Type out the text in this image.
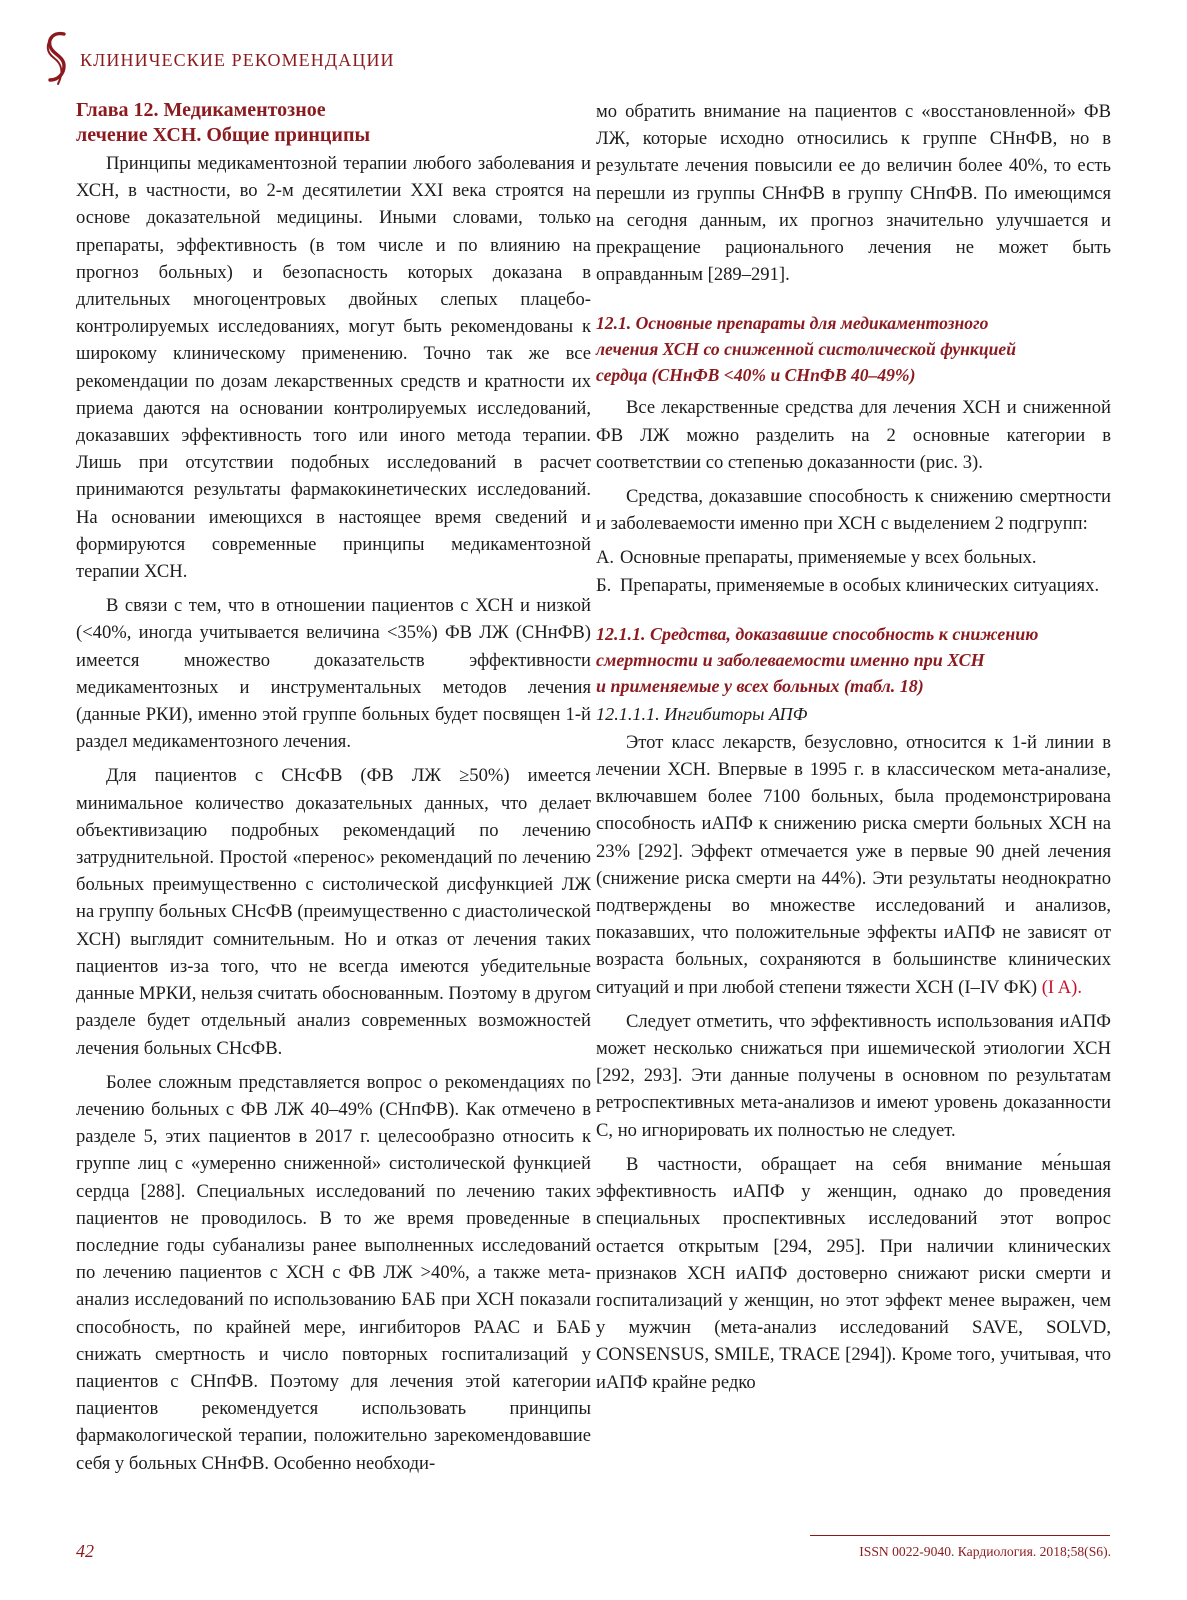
КЛИНИЧЕСКИЕ РЕКОМЕНДАЦИИ
Глава 12. Медикаментозное
лечение ХСН. Общие принципы

Принципы медикаментозной терапии любого заболевания и ХСН, в частности, во 2-м десятилетии XXI века строятся на основе доказательной медицины. Иными словами, только препараты, эффективность (в том числе и по влиянию на прогноз больных) и безопасность которых доказана в длительных многоцентровых двойных слепых плацебо-контролируемых исследованиях, могут быть рекомендованы к широкому клиническому применению. Точно так же все рекомендации по дозам лекарственных средств и кратности их приема даются на основании контролируемых исследований, доказавших эффективность того или иного метода терапии. Лишь при отсутствии подобных исследований в расчет принимаются результаты фармакокинетических исследований. На основании имеющихся в настоящее время сведений и формируются современные принципы медикаментозной терапии ХСН.

В связи с тем, что в отношении пациентов с ХСН и низкой (<40%, иногда учитывается величина <35%) ФВ ЛЖ (СНнФВ) имеется множество доказательств эффективности медикаментозных и инструментальных методов лечения (данные РКИ), именно этой группе больных будет посвящен 1-й раздел медикаментозного лечения.

Для пациентов с СНсФВ (ФВ ЛЖ ≥50%) имеется минимальное количество доказательных данных, что делает объективизацию подробных рекомендаций по лечению затруднительной. Простой «перенос» рекомендаций по лечению больных преимущественно с систолической дисфункцией ЛЖ на группу больных СНсФВ (преимущественно с диастолической ХСН) выглядит сомнительным. Но и отказ от лечения таких пациентов из-за того, что не всегда имеются убедительные данные МРКИ, нельзя считать обоснованным. Поэтому в другом разделе будет отдельный анализ современных возможностей лечения больных СНсФВ.

Более сложным представляется вопрос о рекомендациях по лечению больных с ФВ ЛЖ 40–49% (СНпФВ). Как отмечено в разделе 5, этих пациентов в 2017 г. целесообразно относить к группе лиц с «умеренно сниженной» систолической функцией сердца [288]. Специальных исследований по лечению таких пациентов не проводилось. В то же время проведенные в последние годы субанализы ранее выполненных исследований по лечению пациентов с ХСН с ФВ ЛЖ >40%, а также мета-анализ исследований по использованию БАБ при ХСН показали способность, по крайней мере, ингибиторов РААС и БАБ снижать смертность и число повторных госпитализаций у пациентов с СНпФВ. Поэтому для лечения этой категории пациентов рекомендуется использовать принципы фармакологической терапии, положительно зарекомендовавшие себя у больных СНнФВ. Особенно необходи-

мо обратить внимание на пациентов с «восстановленной» ФВ ЛЖ, которые исходно относились к группе СНнФВ, но в результате лечения повысили ее до величин более 40%, то есть перешли из группы СНнФВ в группу СНпФВ. По имеющимся на сегодня данным, их прогноз значительно улучшается и прекращение рационального лечения не может быть оправданным [289–291].

12.1. Основные препараты для медикаментозного
лечения ХСН со сниженной систолической функцией
сердца (СНнФВ <40% и СНпФВ 40–49%)

Все лекарственные средства для лечения ХСН и сниженной ФВ ЛЖ можно разделить на 2 основные категории в соответствии со степенью доказанности (рис. 3).

Средства, доказавшие способность к снижению смертности и заболеваемости именно при ХСН с выделением 2 подгрупп:

А. Основные препараты, применяемые у всех больных.
Б. Препараты, применяемые в особых клинических ситуациях.
12.1.1. Средства, доказавшие способность к снижению
смертности и заболеваемости именно при ХСН
и применяемые у всех больных (табл. 18)
12.1.1.1. Ингибиторы АПФ

Этот класс лекарств, безусловно, относится к 1-й линии в лечении ХСН. Впервые в 1995 г. в классическом мета-анализе, включавшем более 7100 больных, была продемонстрирована способность иАПФ к снижению риска смерти больных ХСН на 23% [292]. Эффект отмечается уже в первые 90 дней лечения (снижение риска смерти на 44%). Эти результаты неоднократно подтверждены во множестве исследований и анализов, показавших, что положительные эффекты иАПФ не зависят от возраста больных, сохраняются в большинстве клинических ситуаций и при любой степени тяжести ХСН (I–IV ФК) (I A).

Следует отметить, что эффективность использования иАПФ может несколько снижаться при ишемической этиологии ХСН [292, 293]. Эти данные получены в основном по результатам ретроспективных мета-анализов и имеют уровень доказанности С, но игнорировать их полностью не следует.

В частности, обращает на себя внимание ме́ньшая эффективность иАПФ у женщин, однако до проведения специальных проспективных исследований этот вопрос остается открытым [294, 295]. При наличии клинических признаков ХСН иАПФ достоверно снижают риски смерти и госпитализаций у женщин, но этот эффект менее выражен, чем у мужчин (мета-анализ исследований SAVE, SOLVD, CONSENSUS, SMILE, TRACE [294]). Кроме того, учитывая, что иАПФ крайне редко

42	ISSN 0022-9040. Кардиология. 2018;58(S6).
